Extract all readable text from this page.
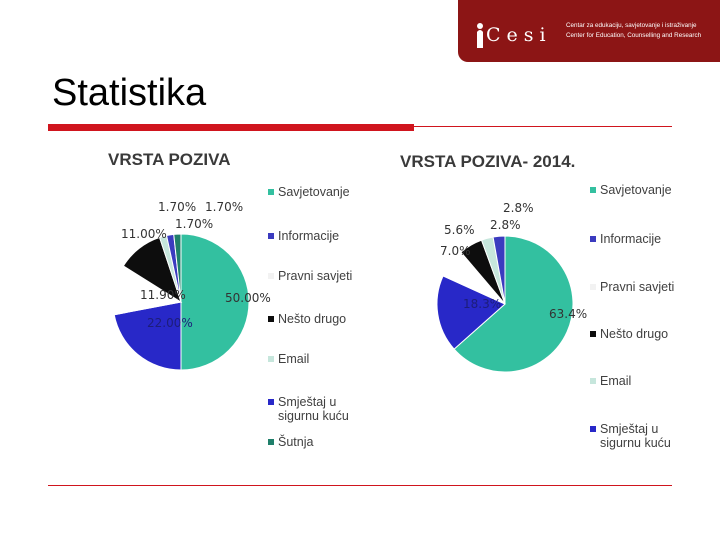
Cesi Centar za edukaciju, savjetovanje i istraživanje
Center for Education, Counselling and Research
Statistika
VRSTA POZIVA	VRSTA POZIVA- 2014.
50.00%
22.00%
11.90%
11.00%
1.70%
1.70%
1.70%
63.4%
18.3%
7.0%
5.6%
2.8%
2.8%
Savjetovanje
Informacije
Pravni savjeti
Nešto drugo
Email
Smještaj u sigurnu kuću
Šutnja
Savjetovanje
Informacije
Pravni savjeti
Nešto drugo
Email
Smještaj u sigurnu kuću
